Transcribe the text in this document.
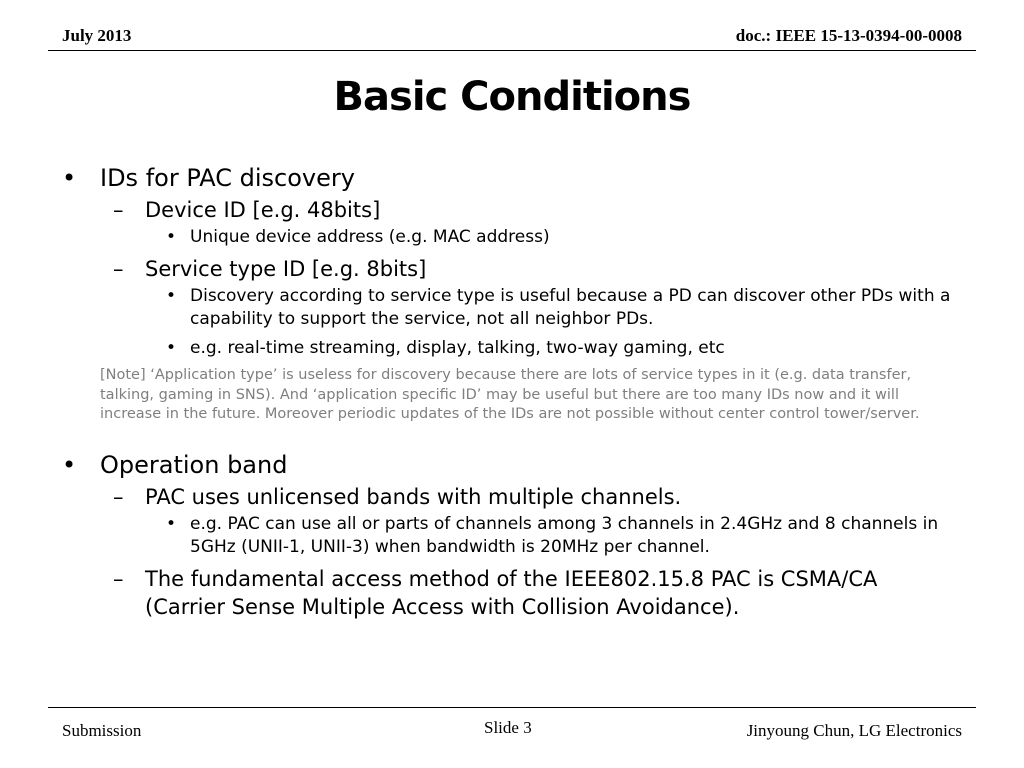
July 2013	doc.: IEEE 15-13-0394-00-0008
Basic Conditions
• IDs for PAC discovery
– Device ID [e.g. 48bits]
• Unique device address (e.g. MAC address)
– Service type ID [e.g. 8bits]
• Discovery according to service type is useful because a PD can discover other PDs with a capability to support the service, not all neighbor PDs.
• e.g. real-time streaming, display, talking, two-way gaming, etc
[Note] ‘Application type’ is useless for discovery because there are lots of service types in it (e.g. data transfer, talking, gaming in SNS). And ‘application specific ID’ may be useful but there are too many IDs now and it will increase in the future. Moreover periodic updates of the IDs are not possible without center control tower/server.
• Operation band
– PAC uses unlicensed bands with multiple channels.
• e.g. PAC can use all or parts of channels among 3 channels in 2.4GHz and 8 channels in 5GHz (UNII-1, UNII-3) when bandwidth is 20MHz per channel.
– The fundamental access method of the IEEE802.15.8 PAC is CSMA/CA (Carrier Sense Multiple Access with Collision Avoidance).
Submission	Slide 3	Jinyoung Chun, LG Electronics
